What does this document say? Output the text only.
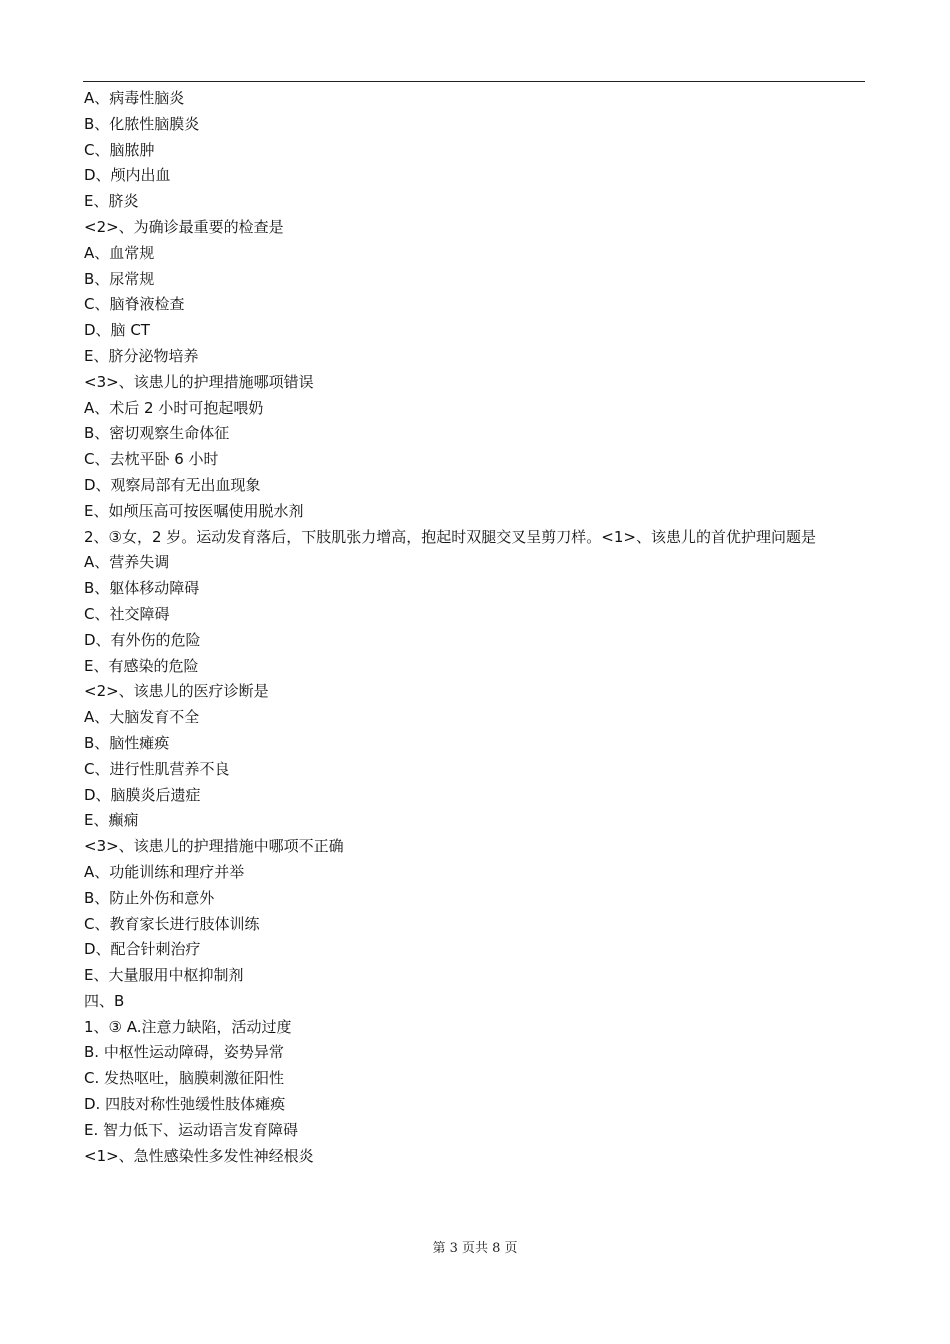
A、病毒性脑炎
B、化脓性脑膜炎
C、脑脓肿
D、颅内出血
E、脐炎
<2>、为确诊最重要的检查是
A、血常规
B、尿常规
C、脑脊液检查
D、脑 CT
E、脐分泌物培养
<3>、该患儿的护理措施哪项错误
A、术后 2 小时可抱起喂奶
B、密切观察生命体征
C、去枕平卧 6 小时
D、观察局部有无出血现象
E、如颅压高可按医嘱使用脱水剂
2、③女，2 岁。运动发育落后，下肢肌张力增高，抱起时双腿交叉呈剪刀样。<1>、该患儿的首优护理问题是
A、营养失调
B、躯体移动障碍
C、社交障碍
D、有外伤的危险
E、有感染的危险
<2>、该患儿的医疗诊断是
A、大脑发育不全
B、脑性瘫痪
C、进行性肌营养不良
D、脑膜炎后遗症
E、癫痫
<3>、该患儿的护理措施中哪项不正确
A、功能训练和理疗并举
B、防止外伤和意外
C、教育家长进行肢体训练
D、配合针刺治疗
E、大量服用中枢抑制剂
四、B
1、③ A.注意力缺陷，活动过度
B. 中枢性运动障碍，姿势异常
C. 发热呕吐，脑膜刺激征阳性
D. 四肢对称性弛缓性肢体瘫痪
E. 智力低下、运动语言发育障碍
<1>、急性感染性多发性神经根炎
第 3 页共 8 页
